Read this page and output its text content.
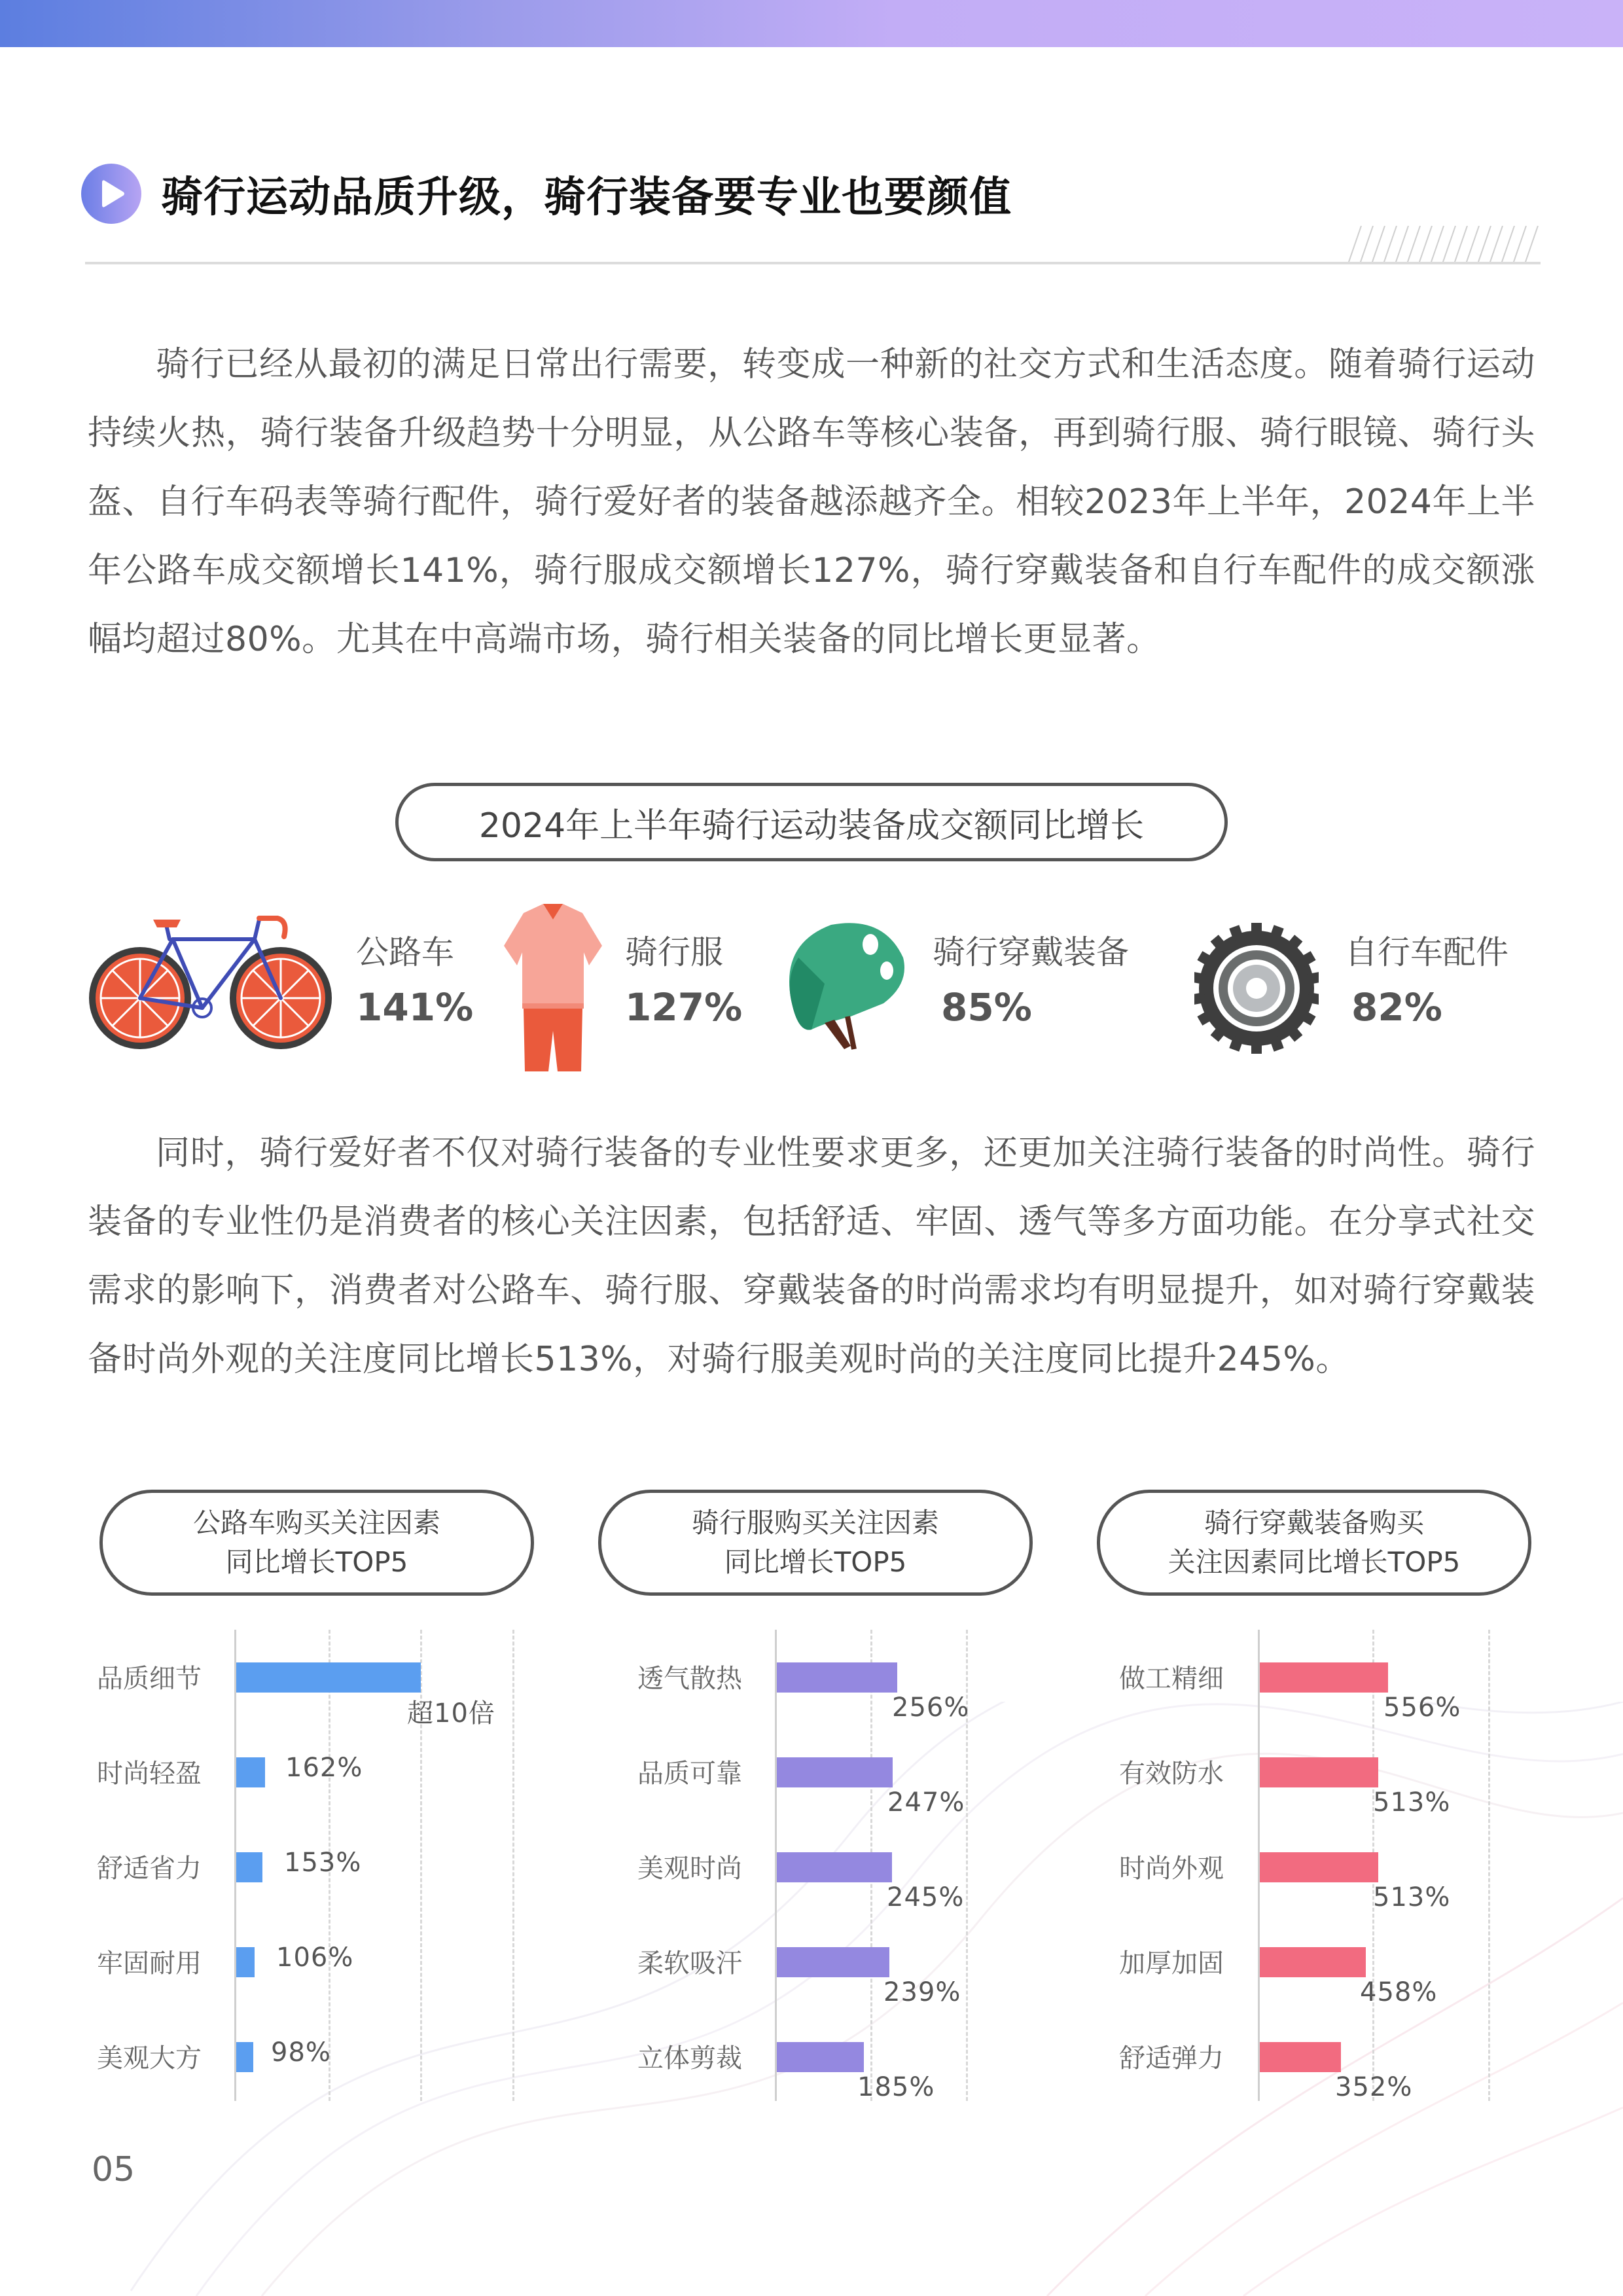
骑行运动品质升级，骑行装备要专业也要颜值

骑行已经从最初的满足日常出行需要，转变成一种新的社交方式和生活态度。随着骑行运动持续火热，骑行装备升级趋势十分明显，从公路车等核心装备，再到骑行服、骑行眼镜、骑行头盔、自行车码表等骑行配件，骑行爱好者的装备越添越齐全。相较2023年上半年，2024年上半年公路车成交额增长141%，骑行服成交额增长127%，骑行穿戴装备和自行车配件的成交额涨幅均超过80%。尤其在中高端市场，骑行相关装备的同比增长更显著。

2024年上半年骑行运动装备成交额同比增长
公路车
141%
骑行服
127%
骑行穿戴装备
85%
自行车配件
82%

同时，骑行爱好者不仅对骑行装备的专业性要求更多，还更加关注骑行装备的时尚性。骑行装备的专业性仍是消费者的核心关注因素，包括舒适、牢固、透气等多方面功能。在分享式社交需求的影响下，消费者对公路车、骑行服、穿戴装备的时尚需求均有明显提升，如对骑行穿戴装备时尚外观的关注度同比增长513%，对骑行服美观时尚的关注度同比提升245%。

公路车购买关注因素
同比增长TOP5
骑行服购买关注因素
同比增长TOP5
骑行穿戴装备购买
关注因素同比增长TOP5
品质细节
超10倍
时尚轻盈	162%
舒适省力	153%
牢固耐用	106%
美观大方	98%
透气散热
256%
品质可靠
247%
美观时尚
245%
柔软吸汗
239%
立体剪裁
185%
做工精细
556%
有效防水
513%
时尚外观
513%
加厚加固
458%
舒适弹力
352%
05
